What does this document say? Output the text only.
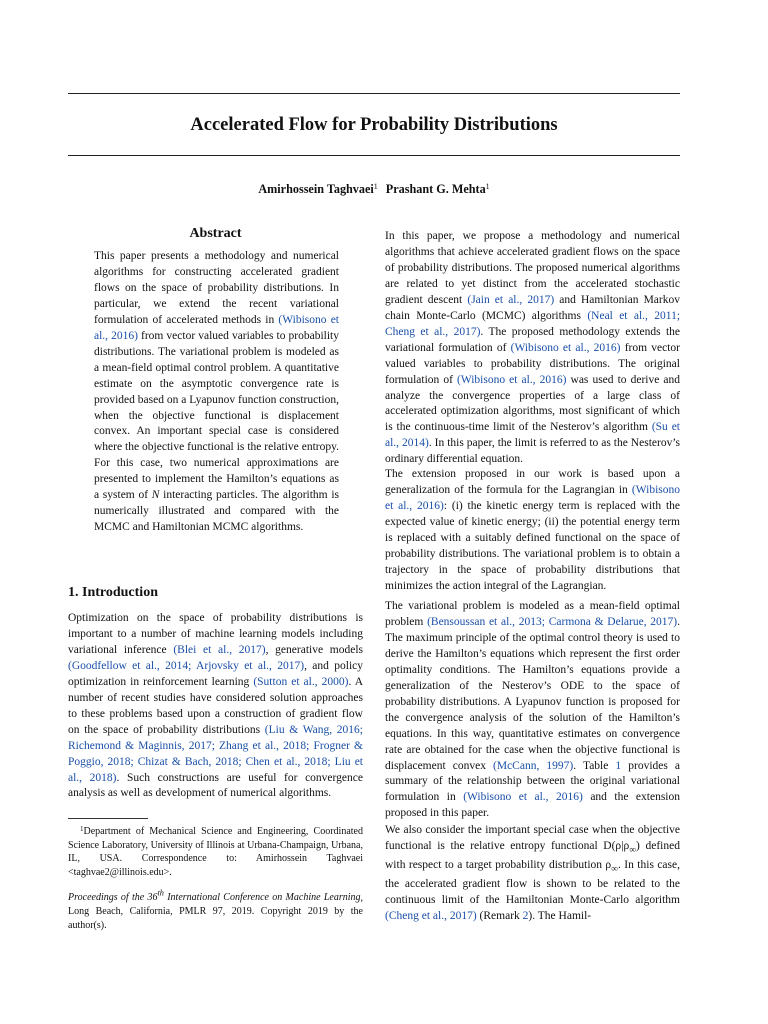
Accelerated Flow for Probability Distributions
Amirhossein Taghvaei$^1$ Prashant G. Mehta$^1$
Abstract

This paper presents a methodology and numerical algorithms for constructing accelerated gradient flows on the space of probability distributions. In particular, we extend the recent variational formulation of accelerated methods in (Wibisono et al., 2016) from vector valued variables to probability distributions. The variational problem is modeled as a mean-field optimal control problem. A quantitative estimate on the asymptotic convergence rate is provided based on a Lyapunov function construction, when the objective functional is displacement convex. An important special case is considered where the objective functional is the relative entropy. For this case, two numerical approximations are presented to implement the Hamilton’s equations as a system of N interacting particles. The algorithm is numerically illustrated and compared with the MCMC and Hamiltonian MCMC algorithms.

1. Introduction

Optimization on the space of probability distributions is important to a number of machine learning models including variational inference (Blei et al., 2017), generative models (Goodfellow et al., 2014; Arjovsky et al., 2017), and policy optimization in reinforcement learning (Sutton et al., 2000). A number of recent studies have considered solution approaches to these problems based upon a construction of gradient flow on the space of probability distributions (Liu & Wang, 2016; Richemond & Maginnis, 2017; Zhang et al., 2018; Frogner & Poggio, 2018; Chizat & Bach, 2018; Chen et al., 2018; Liu et al., 2018). Such constructions are useful for convergence analysis as well as development of numerical algorithms.

$^1$Department of Mechanical Science and Engineering, Coordinated Science Laboratory, University of Illinois at Urbana-Champaign, Urbana, IL, USA. Correspondence to: Amirhossein Taghvaei <taghvae2@illinois.edu>.

Proceedings of the 36th International Conference on Machine Learning, Long Beach, California, PMLR 97, 2019. Copyright 2019 by the author(s).

In this paper, we propose a methodology and numerical algorithms that achieve accelerated gradient flows on the space of probability distributions. The proposed numerical algorithms are related to yet distinct from the accelerated stochastic gradient descent (Jain et al., 2017) and Hamiltonian Markov chain Monte-Carlo (MCMC) algorithms (Neal et al., 2011; Cheng et al., 2017). The proposed methodology extends the variational formulation of (Wibisono et al., 2016) from vector valued variables to probability distributions. The original formulation of (Wibisono et al., 2016) was used to derive and analyze the convergence properties of a large class of accelerated optimization algorithms, most significant of which is the continuous-time limit of the Nesterov’s algorithm (Su et al., 2014). In this paper, the limit is referred to as the Nesterov’s ordinary differential equation.

The extension proposed in our work is based upon a generalization of the formula for the Lagrangian in (Wibisono et al., 2016): (i) the kinetic energy term is replaced with the expected value of kinetic energy; (ii) the potential energy term is replaced with a suitably defined functional on the space of probability distributions. The variational problem is to obtain a trajectory in the space of probability distributions that minimizes the action integral of the Lagrangian.

The variational problem is modeled as a mean-field optimal problem (Bensoussan et al., 2013; Carmona & Delarue, 2017). The maximum principle of the optimal control theory is used to derive the Hamilton’s equations which represent the first order optimality conditions. The Hamilton’s equations provide a generalization of the Nesterov’s ODE to the space of probability distributions. A Lyapunov function is proposed for the convergence analysis of the solution of the Hamilton’s equations. In this way, quantitative estimates on convergence rate are obtained for the case when the objective functional is displacement convex (McCann, 1997). Table 1 provides a summary of the relationship between the original variational formulation in (Wibisono et al., 2016) and the extension proposed in this paper.

We also consider the important special case when the objective functional is the relative entropy functional $D(\rho|\rho_\infty)$ defined with respect to a target probability distribution $\rho_\infty$. In this case, the accelerated gradient flow is shown to be related to the continuous limit of the Hamiltonian Monte-Carlo algorithm (Cheng et al., 2017) (Remark 2). The Hamil-
